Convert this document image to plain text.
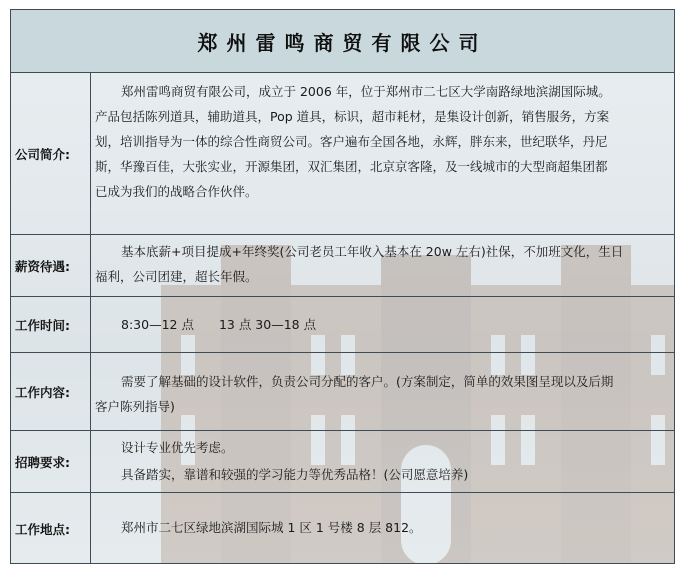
郑州雷鸣商贸有限公司
公司简介:

郑州雷鸣商贸有限公司，成立于 2006 年，位于郑州市二七区大学南路绿地滨湖国际城。

产品包括陈列道具，辅助道具，Pop 道具，标识，超市耗材，是集设计创新，销售服务，方案

划，培训指导为一体的综合性商贸公司。客户遍布全国各地，永辉，胖东来，世纪联华，丹尼

斯，华豫百佳，大张实业，开源集团，双汇集团，北京京客隆，及一线城市的大型商超集团都

已成为我们的战略合作伙伴。

薪资待遇:

基本底薪+项目提成+年终奖(公司老员工年收入基本在 20w 左右)社保，不加班文化，生日

福利，公司团建，超长年假。

工作时间:	8:30—12 点　　13 点 30—18 点

工作内容:

需要了解基础的设计软件，负责公司分配的客户。(方案制定，简单的效果图呈现以及后期

客户陈列指导)

招聘要求:

设计专业优先考虑。

具备踏实，靠谱和较强的学习能力等优秀品格！(公司愿意培养)

工作地点:	郑州市二七区绿地滨湖国际城 1 区 1 号楼 8 层 812。
